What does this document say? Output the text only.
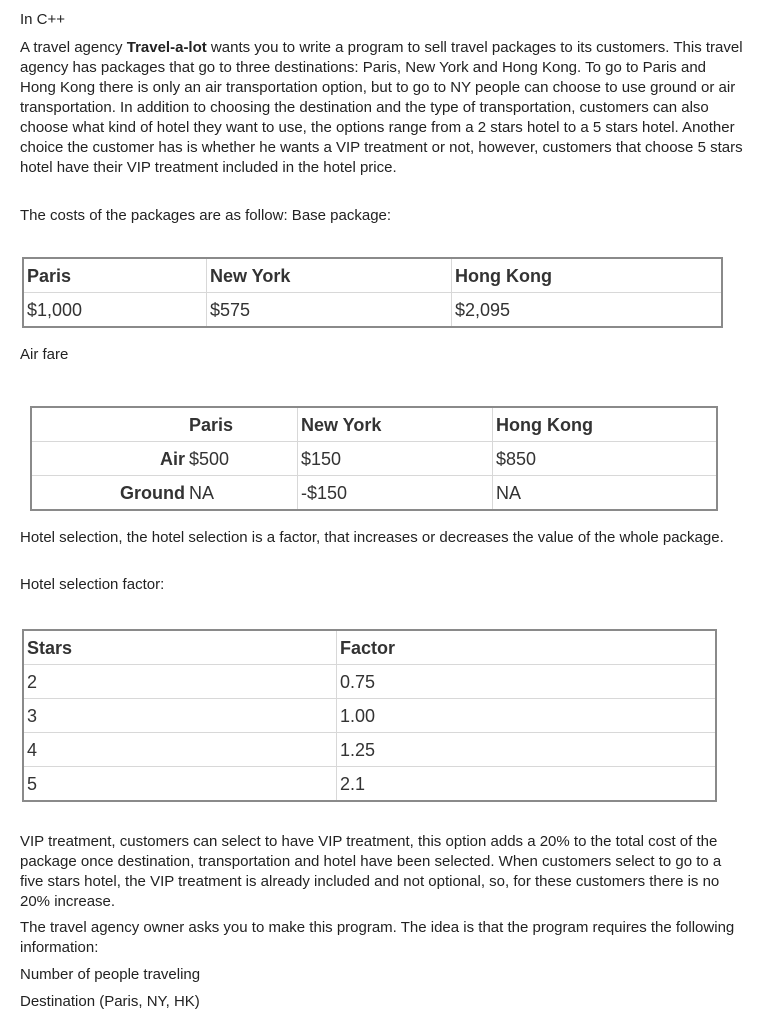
In C++

A travel agency Travel-a-lot wants you to write a program to sell travel packages to its customers. This travel agency has packages that go to three destinations: Paris, New York and Hong Kong. To go to Paris and Hong Kong there is only an air transportation option, but to go to NY people can choose to use ground or air transportation. In addition to choosing the destination and the type of transportation, customers can also choose what kind of hotel they want to use, the options range from a 2 stars hotel to a 5 stars hotel. Another choice the customer has is whether he wants a VIP treatment or not, however, customers that choose 5 stars hotel have their VIP treatment included in the hotel price.

The costs of the packages are as follow: Base package:

Paris	New York	Hong Kong
$1,000	$575	$2,095

Air fare

	Paris	New York	Hong Kong
Air	$500	$150	$850
Ground	NA	-$150	NA

Hotel selection, the hotel selection is a factor, that increases or decreases the value of the whole package.

Hotel selection factor:

Stars	Factor
2	0.75
3	1.00
4	1.25
5	2.1

VIP treatment, customers can select to have VIP treatment, this option adds a 20% to the total cost of the package once destination, transportation and hotel have been selected. When customers select to go to a five stars hotel, the VIP treatment is already included and not optional, so, for these customers there is no 20% increase.

The travel agency owner asks you to make this program. The idea is that the program requires the following information:

Number of people traveling

Destination (Paris, NY, HK)
